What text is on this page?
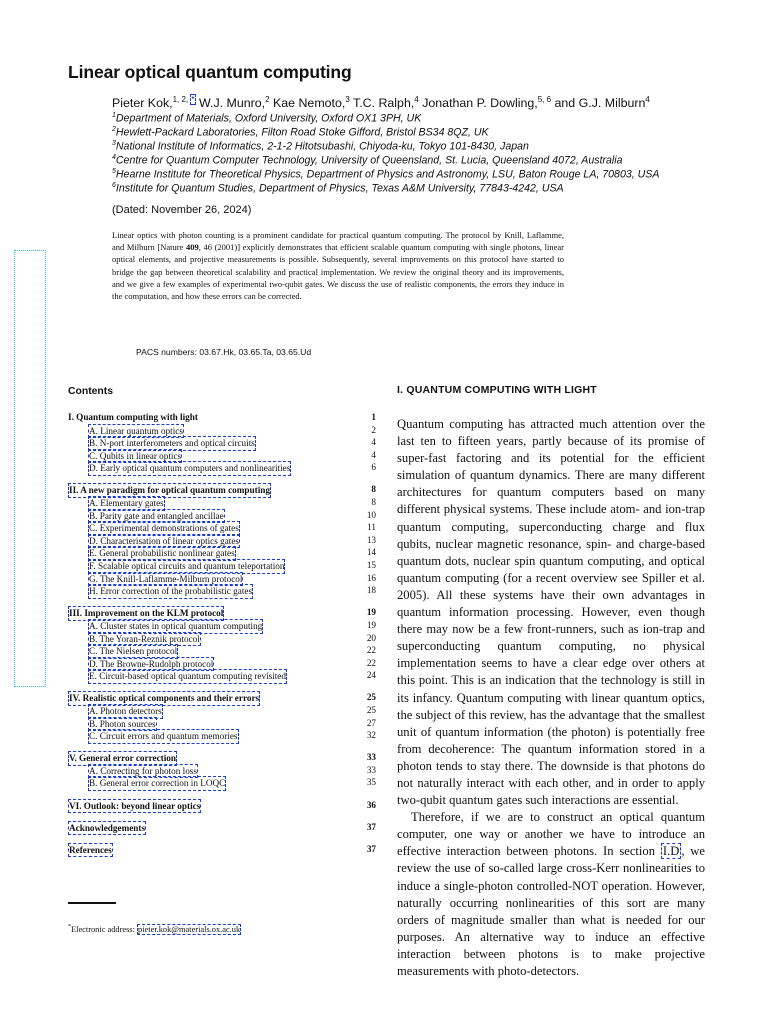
Linear optical quantum computing
Pieter Kok,$^{1, 2,}$ * W.J. Munro,$^2$ Kae Nemoto,$^3$ T.C. Ralph,$^4$ Jonathan P. Dowling,$^{5, 6}$ and G.J. Milburn$^4$
$^1$Department of Materials, Oxford University, Oxford OX1 3PH, UK
$^2$Hewlett-Packard Laboratories, Filton Road Stoke Gifford, Bristol BS34 8QZ, UK
$^3$National Institute of Informatics, 2-1-2 Hitotsubashi, Chiyoda-ku, Tokyo 101-8430, Japan
$^4$Centre for Quantum Computer Technology, University of Queensland, St. Lucia, Queensland 4072, Australia
$^5$Hearne Institute for Theoretical Physics, Department of Physics and Astronomy, LSU, Baton Rouge LA, 70803, USA
$^6$Institute for Quantum Studies, Department of Physics, Texas A&M University, 77843-4242, USA
(Dated: November 26, 2024)
Linear optics with photon counting is a prominent candidate for practical quantum computing. The protocol by Knill, Laflamme, and Milburn [Nature 409, 46 (2001)] explicitly demonstrates that efficient scalable quantum computing with single photons, linear optical elements, and projective measurements is possible. Subsequently, several improvements on this protocol have started to bridge the gap between theoretical scalability and practical implementation. We review the original theory and its improvements, and we give a few examples of experimental two-qubit gates. We discuss the use of realistic components, the errors they induce in the computation, and how these errors can be corrected.
PACS numbers: 03.67.Hk, 03.65.Ta, 03.65.Ud
Contents
I. Quantum computing with light	1
A. Linear quantum optics	2
B. N-port interferometers and optical circuits	4
C. Qubits in linear optics	4
D. Early optical quantum computers and nonlinearities	6
II. A new paradigm for optical quantum computing	8
A. Elementary gates	8
B. Parity gate and entangled ancillae	10
C. Experimental demonstrations of gates	11
D. Characterisation of linear optics gates	13
E. General probabilistic nonlinear gates	14
F. Scalable optical circuits and quantum teleportation	15
G. The Knill-Laflamme-Milburn protocol	16
H. Error correction of the probabilistic gates	18
III. Improvement on the KLM protocol	19
A. Cluster states in optical quantum computing	19
B. The Yoran-Reznik protocol	20
C. The Nielsen protocol	22
D. The Browne-Rudolph protocol	22
E. Circuit-based optical quantum computing revisited	24
IV. Realistic optical components and their errors	25
A. Photon detectors	25
B. Photon sources	27
C. Circuit errors and quantum memories	32
V. General error correction	33
A. Correcting for photon loss	33
B. General error correction in LOQC	35
VI. Outlook: beyond linear optics	36
Acknowledgements	37
References	37
I. QUANTUM COMPUTING WITH LIGHT

Quantum computing has attracted much attention over the last ten to fifteen years, partly because of its promise of super-fast factoring and its potential for the efficient simulation of quantum dynamics. There are many different architectures for quantum computers based on many different physical systems. These include atom- and ion-trap quantum computing, superconducting charge and flux qubits, nuclear magnetic resonance, spin- and charge-based quantum dots, nuclear spin quantum computing, and optical quantum computing (for a recent overview see Spiller et al. 2005). All these systems have their own advantages in quantum information processing. However, even though there may now be a few front-runners, such as ion-trap and superconducting quantum computing, no physical implementation seems to have a clear edge over others at this point. This is an indication that the technology is still in its infancy. Quantum computing with linear quantum optics, the subject of this review, has the advantage that the smallest unit of quantum information (the photon) is potentially free from decoherence: The quantum information stored in a photon tends to stay there. The downside is that photons do not naturally interact with each other, and in order to apply two-qubit quantum gates such interactions are essential.

Therefore, if we are to construct an optical quantum computer, one way or another we have to introduce an effective interaction between photons. In section I.D , we review the use of so-called large cross-Kerr nonlinearities to induce a single-photon controlled-NOT operation. However, naturally occurring nonlinearities of this sort are many orders of magnitude smaller than what is needed for our purposes. An alternative way to induce an effective interaction between photons is to make projective measurements with photo-detectors.

*Electronic address: pieter.kok@materials.ox.ac.uk
